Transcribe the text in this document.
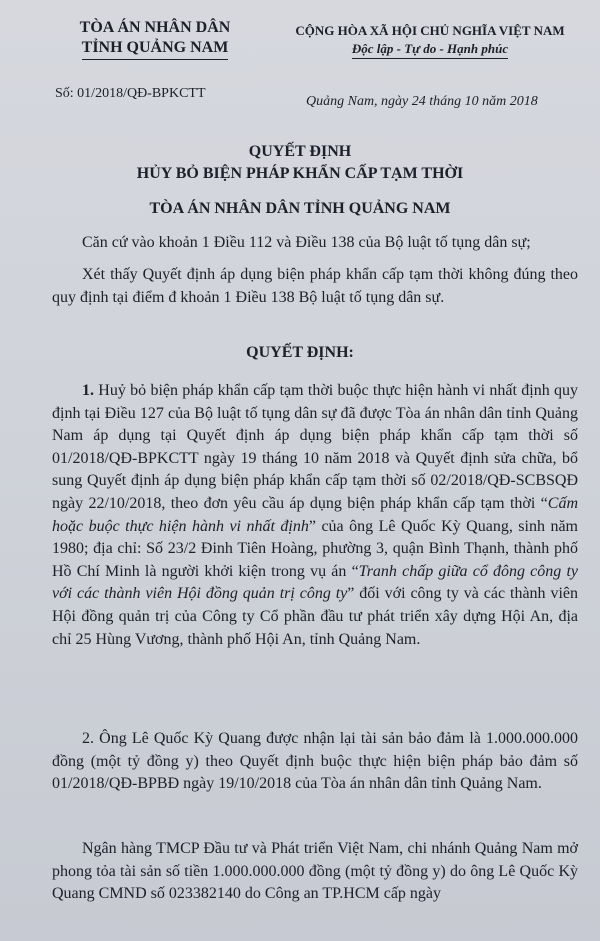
TÒA ÁN NHÂN DÂN
TỈNH QUẢNG NAM
CỘNG HÒA XÃ HỘI CHỦ NGHĨA VIỆT NAM
Độc lập - Tự do - Hạnh phúc
Số: 01/2018/QĐ-BPKCTT
Quảng Nam, ngày 24 tháng 10 năm 2018
QUYẾT ĐỊNH
HỦY BỎ BIỆN PHÁP KHẨN CẤP TẠM THỜI
TÒA ÁN NHÂN DÂN TỈNH QUẢNG NAM

Căn cứ vào khoản 1 Điều 112 và Điều 138 của Bộ luật tố tụng dân sự;

Xét thấy Quyết định áp dụng biện pháp khẩn cấp tạm thời không đúng theo quy định tại điểm đ khoản 1 Điều 138 Bộ luật tố tụng dân sự.

QUYẾT ĐỊNH:

1. Huỷ bỏ biện pháp khẩn cấp tạm thời buộc thực hiện hành vi nhất định quy định tại Điều 127 của Bộ luật tố tụng dân sự đã được Tòa án nhân dân tỉnh Quảng Nam áp dụng tại Quyết định áp dụng biện pháp khẩn cấp tạm thời số 01/2018/QĐ-BPKCTT ngày 19 tháng 10 năm 2018 và Quyết định sửa chữa, bổ sung Quyết định áp dụng biện pháp khẩn cấp tạm thời số 02/2018/QĐ-SCBSQĐ ngày 22/10/2018, theo đơn yêu cầu áp dụng biện pháp khẩn cấp tạm thời “Cấm hoặc buộc thực hiện hành vi nhất định” của ông Lê Quốc Kỳ Quang, sinh năm 1980; địa chỉ: Số 23/2 Đinh Tiên Hoàng, phường 3, quận Bình Thạnh, thành phố Hồ Chí Minh là người khởi kiện trong vụ án “Tranh chấp giữa cổ đông công ty với các thành viên Hội đồng quản trị công ty” đối với công ty và các thành viên Hội đồng quản trị của Công ty Cổ phần đầu tư phát triển xây dựng Hội An, địa chỉ 25 Hùng Vương, thành phố Hội An, tỉnh Quảng Nam.

2. Ông Lê Quốc Kỳ Quang được nhận lại tài sản bảo đảm là 1.000.000.000 đồng (một tỷ đồng y) theo Quyết định buộc thực hiện biện pháp bảo đảm số 01/2018/QĐ-BPBĐ ngày 19/10/2018 của Tòa án nhân dân tỉnh Quảng Nam.

Ngân hàng TMCP Đầu tư và Phát triển Việt Nam, chi nhánh Quảng Nam mở phong tỏa tài sản số tiền 1.000.000.000 đồng (một tỷ đồng y) do ông Lê Quốc Kỳ Quang CMND số 023382140 do Công an TP.HCM cấp ngày
